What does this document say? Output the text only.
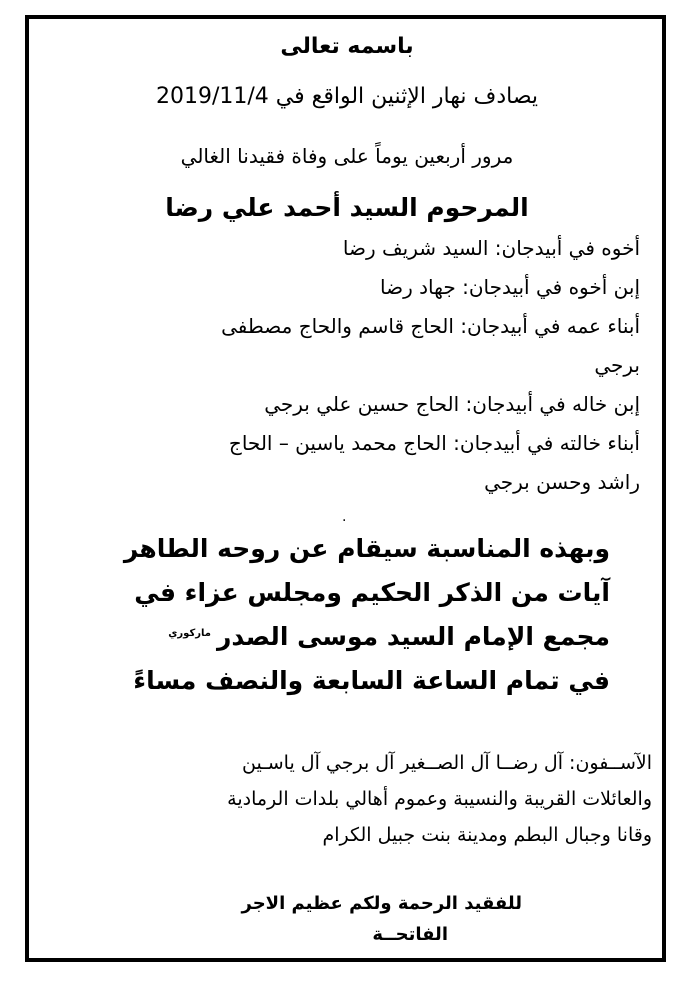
باسمه تعالى

يصادف نهار الإثنين الواقع في 2019/11/4

مرور أربعين يوماً على وفاة فقيدنا الغالي

المرحوم السيد أحمد علي رضا

أخوه في أبيدجان: السيد شريف رضا

إبن أخوه في أبيدجان: جهاد رضا

أبناء عمه في أبيدجان: الحاج قاسم والحاج مصطفى

برجي

إبن خاله في أبيدجان: الحاج حسين علي برجي

أبناء خالته في أبيدجان: الحاج محمد ياسين – الحاج

راشد وحسن برجي

.

وبهذه المناسبة سيقام عن روحه الطاهر

آيات من الذكر الحكيم ومجلس عزاء في

مجمع الإمام السيد موسى الصدر$^{ماركوري}$

في تمام الساعة السابعة والنصف مساءً

الآســفون: آل رضــا آل الصــغير آل برجي آل ياسـين

والعائلات القريبة والنسيبة وعموم أهالي بلدات الرمادية

وقانا وجبال البطم ومدينة بنت جبيل الكرام

للفقيد الرحمة ولكم عظيم الاجر

الفاتحــة
